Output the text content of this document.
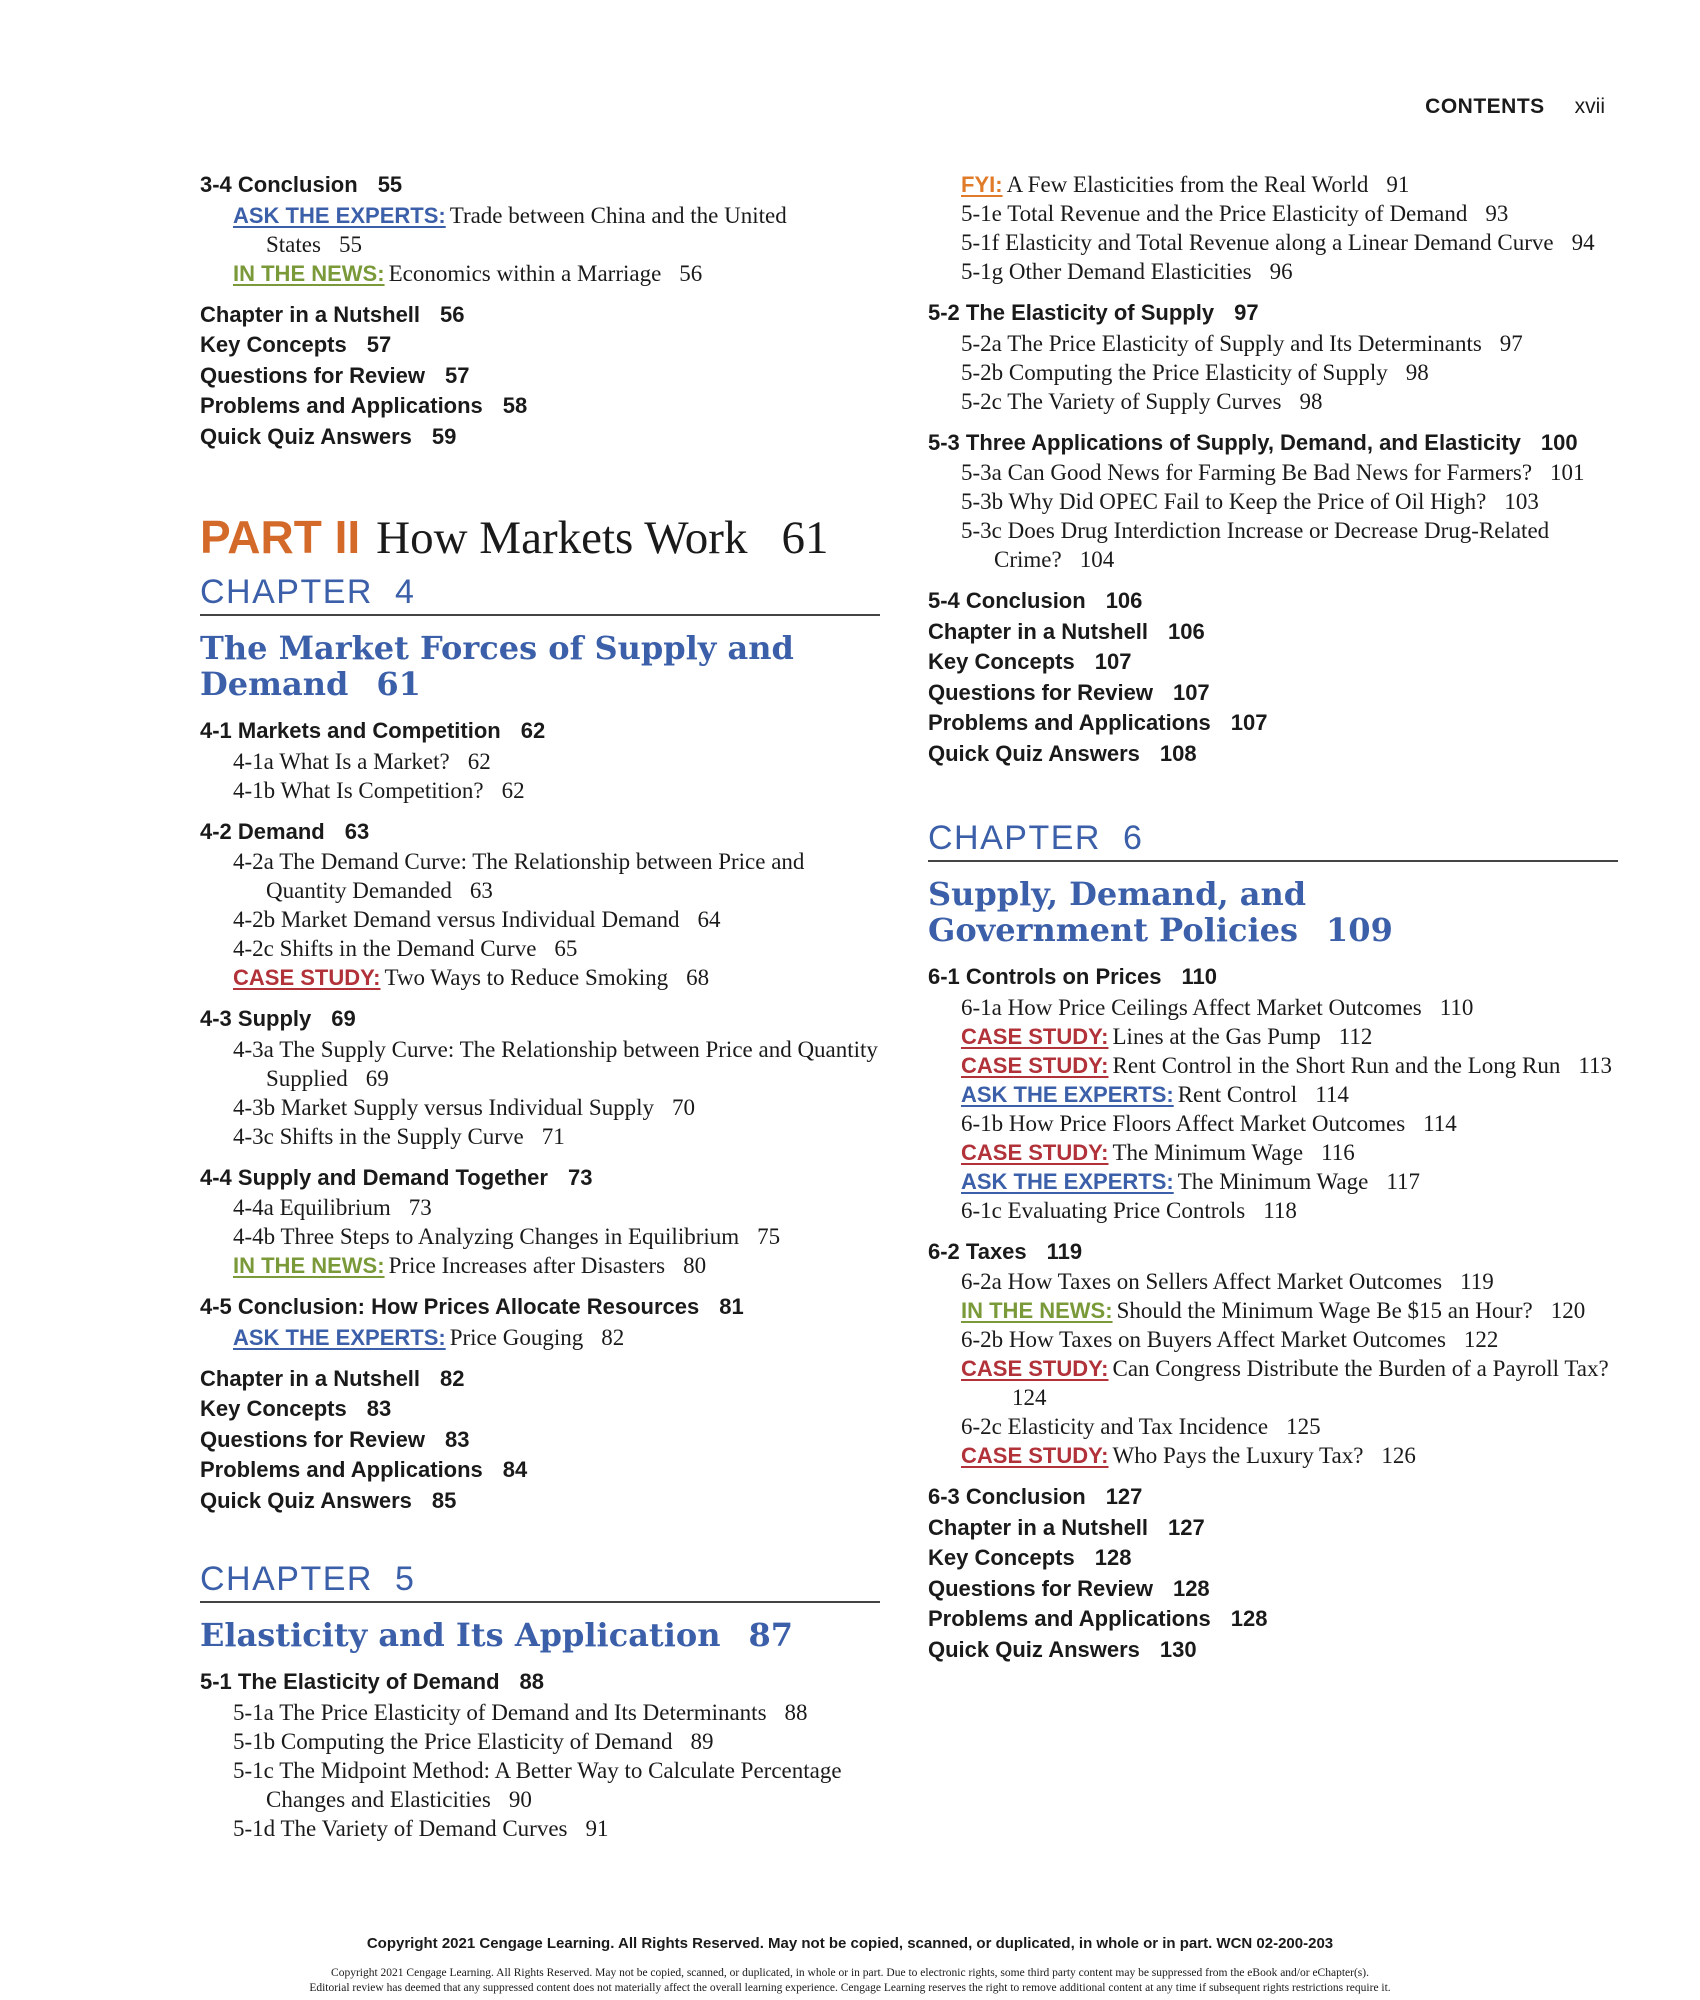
CONTENTS xvii
3-4 Conclusion 55
ASK THE EXPERTS: Trade between China and the United States 55
IN THE NEWS: Economics within a Marriage 56
Chapter in a Nutshell 56
Key Concepts 57
Questions for Review 57
Problems and Applications 58
Quick Quiz Answers 59
PART II How Markets Work 61
CHAPTER 4
The Market Forces of Supply and Demand 61
4-1 Markets and Competition 62
4-1a What Is a Market? 62
4-1b What Is Competition? 62
4-2 Demand 63
4-2a The Demand Curve: The Relationship between Price and Quantity Demanded 63
4-2b Market Demand versus Individual Demand 64
4-2c Shifts in the Demand Curve 65
CASE STUDY: Two Ways to Reduce Smoking 68
4-3 Supply 69
4-3a The Supply Curve: The Relationship between Price and Quantity Supplied 69
4-3b Market Supply versus Individual Supply 70
4-3c Shifts in the Supply Curve 71
4-4 Supply and Demand Together 73
4-4a Equilibrium 73
4-4b Three Steps to Analyzing Changes in Equilibrium 75
IN THE NEWS: Price Increases after Disasters 80
4-5 Conclusion: How Prices Allocate Resources 81
ASK THE EXPERTS: Price Gouging 82
Chapter in a Nutshell 82
Key Concepts 83
Questions for Review 83
Problems and Applications 84
Quick Quiz Answers 85
CHAPTER 5
Elasticity and Its Application 87
5-1 The Elasticity of Demand 88
5-1a The Price Elasticity of Demand and Its Determinants 88
5-1b Computing the Price Elasticity of Demand 89
5-1c The Midpoint Method: A Better Way to Calculate Percentage Changes and Elasticities 90
5-1d The Variety of Demand Curves 91
FYI: A Few Elasticities from the Real World 91
5-1e Total Revenue and the Price Elasticity of Demand 93
5-1f Elasticity and Total Revenue along a Linear Demand Curve 94
5-1g Other Demand Elasticities 96
5-2 The Elasticity of Supply 97
5-2a The Price Elasticity of Supply and Its Determinants 97
5-2b Computing the Price Elasticity of Supply 98
5-2c The Variety of Supply Curves 98
5-3 Three Applications of Supply, Demand, and Elasticity 100
5-3a Can Good News for Farming Be Bad News for Farmers? 101
5-3b Why Did OPEC Fail to Keep the Price of Oil High? 103
5-3c Does Drug Interdiction Increase or Decrease Drug-Related Crime? 104
5-4 Conclusion 106
Chapter in a Nutshell 106
Key Concepts 107
Questions for Review 107
Problems and Applications 107
Quick Quiz Answers 108
CHAPTER 6
Supply, Demand, and Government Policies 109
6-1 Controls on Prices 110
6-1a How Price Ceilings Affect Market Outcomes 110
CASE STUDY: Lines at the Gas Pump 112
CASE STUDY: Rent Control in the Short Run and the Long Run 113
ASK THE EXPERTS: Rent Control 114
6-1b How Price Floors Affect Market Outcomes 114
CASE STUDY: The Minimum Wage 116
ASK THE EXPERTS: The Minimum Wage 117
6-1c Evaluating Price Controls 118
6-2 Taxes 119
6-2a How Taxes on Sellers Affect Market Outcomes 119
IN THE NEWS: Should the Minimum Wage Be $15 an Hour? 120
6-2b How Taxes on Buyers Affect Market Outcomes 122
CASE STUDY: Can Congress Distribute the Burden of a Payroll Tax?124
6-2c Elasticity and Tax Incidence 125
CASE STUDY: Who Pays the Luxury Tax? 126
6-3 Conclusion 127
Chapter in a Nutshell 127
Key Concepts 128
Questions for Review 128
Problems and Applications 128
Quick Quiz Answers 130
Copyright 2021 Cengage Learning. All Rights Reserved. May not be copied, scanned, or duplicated, in whole or in part. WCN 02-200-203
Copyright 2021 Cengage Learning. All Rights Reserved. May not be copied, scanned, or duplicated, in whole or in part. Due to electronic rights, some third party content may be suppressed from the eBook and/or eChapter(s).
Editorial review has deemed that any suppressed content does not materially affect the overall learning experience. Cengage Learning reserves the right to remove additional content at any time if subsequent rights restrictions require it.
